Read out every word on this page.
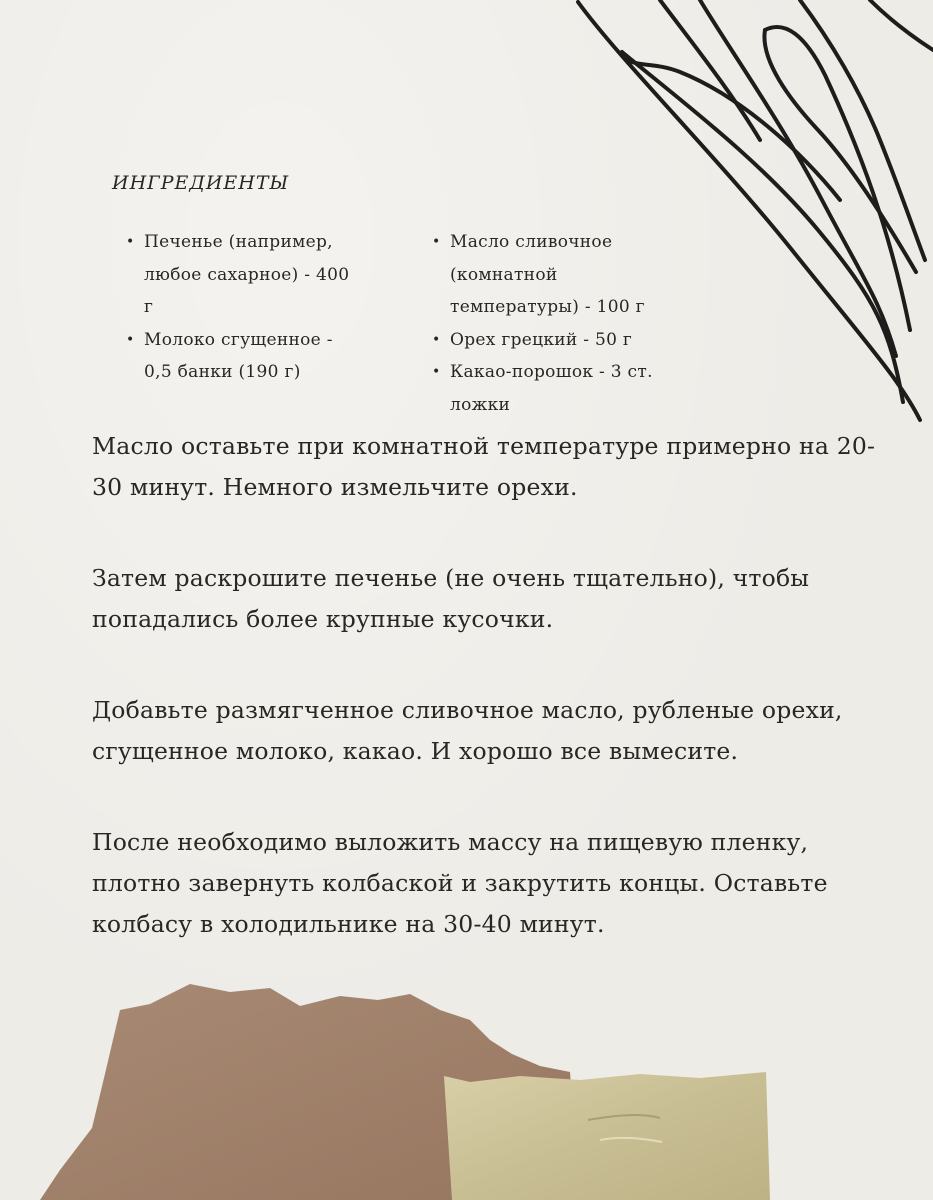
ИНГРЕДИЕНТЫ
• Печенье (например, любое сахарное) - 400 г
• Молоко сгущенное - 0,5 банки (190 г)
• Масло сливочное (комнатной температуры) - 100 г
• Орех грецкий - 50 г
• Какао-порошок - 3 ст. ложки

Масло оставьте при комнатной температуре примерно на 20-30 минут. Немного измельчите орехи.

Затем раскрошите печенье (не очень тщательно), чтобы попадались более крупные кусочки.

Добавьте размягченное сливочное масло, рубленые орехи, сгущенное молоко, какао. И хорошо все вымесите.

После необходимо выложить массу на пищевую пленку, плотно завернуть колбаской и закрутить концы. Оставьте колбасу в холодильнике на 30-40 минут.
